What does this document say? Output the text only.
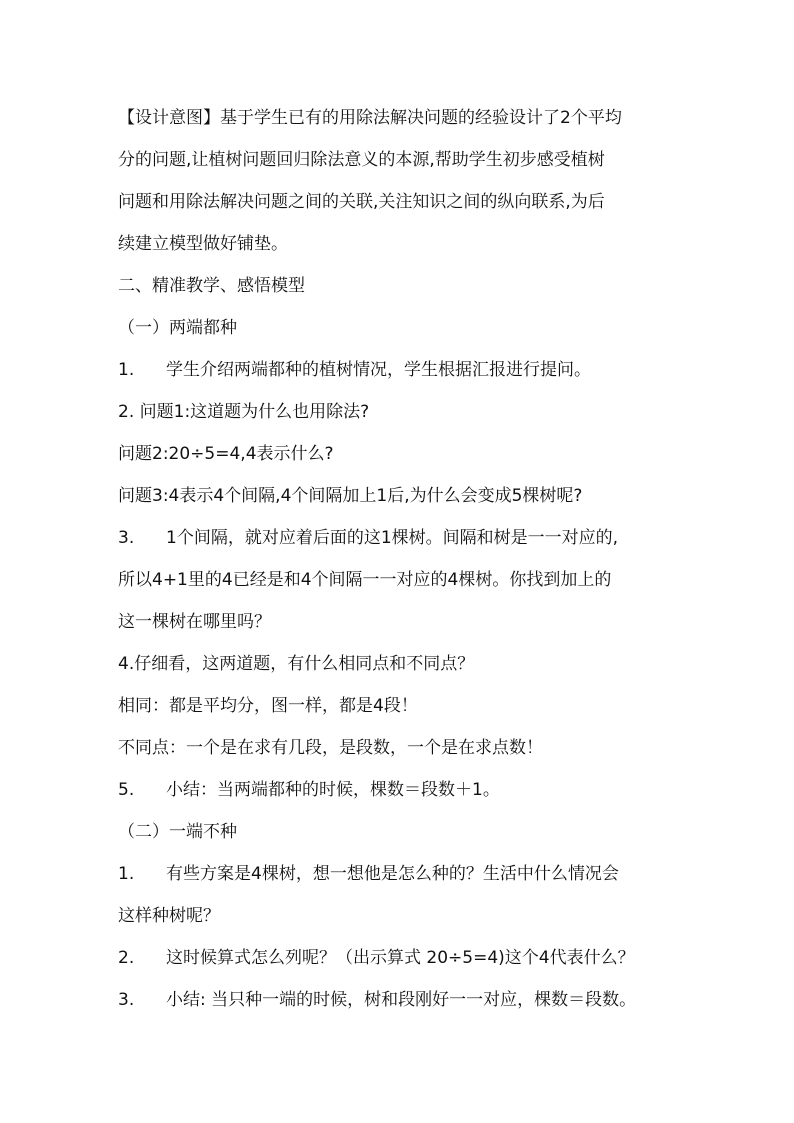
【设计意图】基于学生已有的用除法解决问题的经验设计了2个平均
分的问题,让植树问题回归除法意义的本源,帮助学生初步感受植树
问题和用除法解决问题之间的关联,关注知识之间的纵向联系,为后
续建立模型做好铺垫。
二、精准教学、感悟模型
（一）两端都种
1. 学生介绍两端都种的植树情况，学生根据汇报进行提问。
2. 问题1:这道题为什么也用除法?
问题2:20÷5=4,4表示什么?
问题3:4表示4个间隔,4个间隔加上1后,为什么会变成5棵树呢?
3. 1个间隔，就对应着后面的这1棵树。间隔和树是一一对应的,
所以4+1里的4已经是和4个间隔一一对应的4棵树。你找到加上的
这一棵树在哪里吗？
4.仔细看，这两道题，有什么相同点和不同点？
相同：都是平均分，图一样，都是4段！
不同点：一个是在求有几段，是段数，一个是在求点数！
5. 小结：当两端都种的时候，棵数＝段数＋1。
（二）一端不种
1. 有些方案是4棵树，想一想他是怎么种的？生活中什么情况会
这样种树呢？
2. 这时候算式怎么列呢？（出示算式 20÷5=4)这个4代表什么？
3. 小结: 当只种一端的时候，树和段刚好一一对应，棵数＝段数。
